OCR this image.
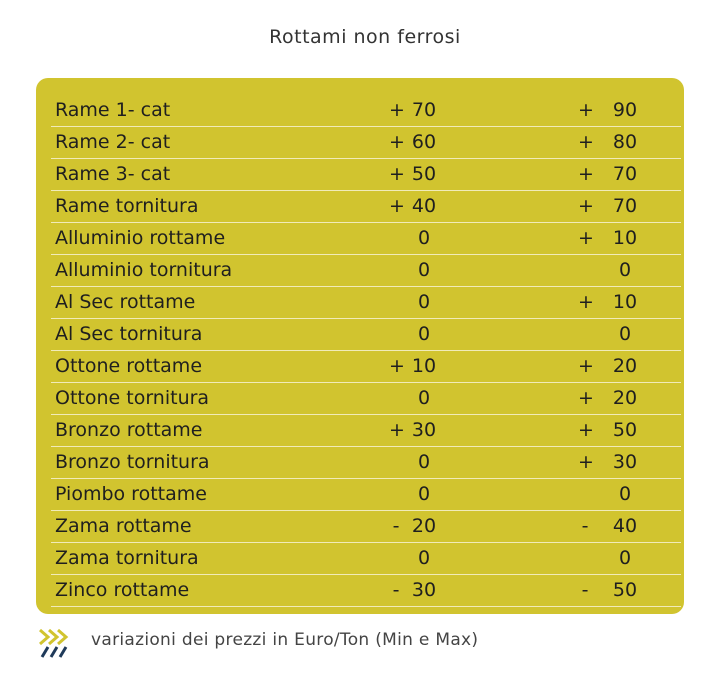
Rottami non ferrosi
Rame 1- cat	+ 70	+ 90
Rame 2- cat	+ 60	+ 80
Rame 3- cat	+ 50	+ 70
Rame tornitura	+ 40	+ 70
Alluminio rottame	0	+ 10
Alluminio tornitura	0	0
Al Sec rottame	0	+ 10
Al Sec tornitura	0	0
Ottone rottame	+ 10	+ 20
Ottone tornitura	0	+ 20
Bronzo rottame	+ 30	+ 50
Bronzo tornitura	0	+ 30
Piombo rottame	0	0
Zama rottame	- 20	- 40
Zama tornitura	0	0
Zinco rottame	- 30	- 50
variazioni dei prezzi in Euro/Ton (Min e Max)
